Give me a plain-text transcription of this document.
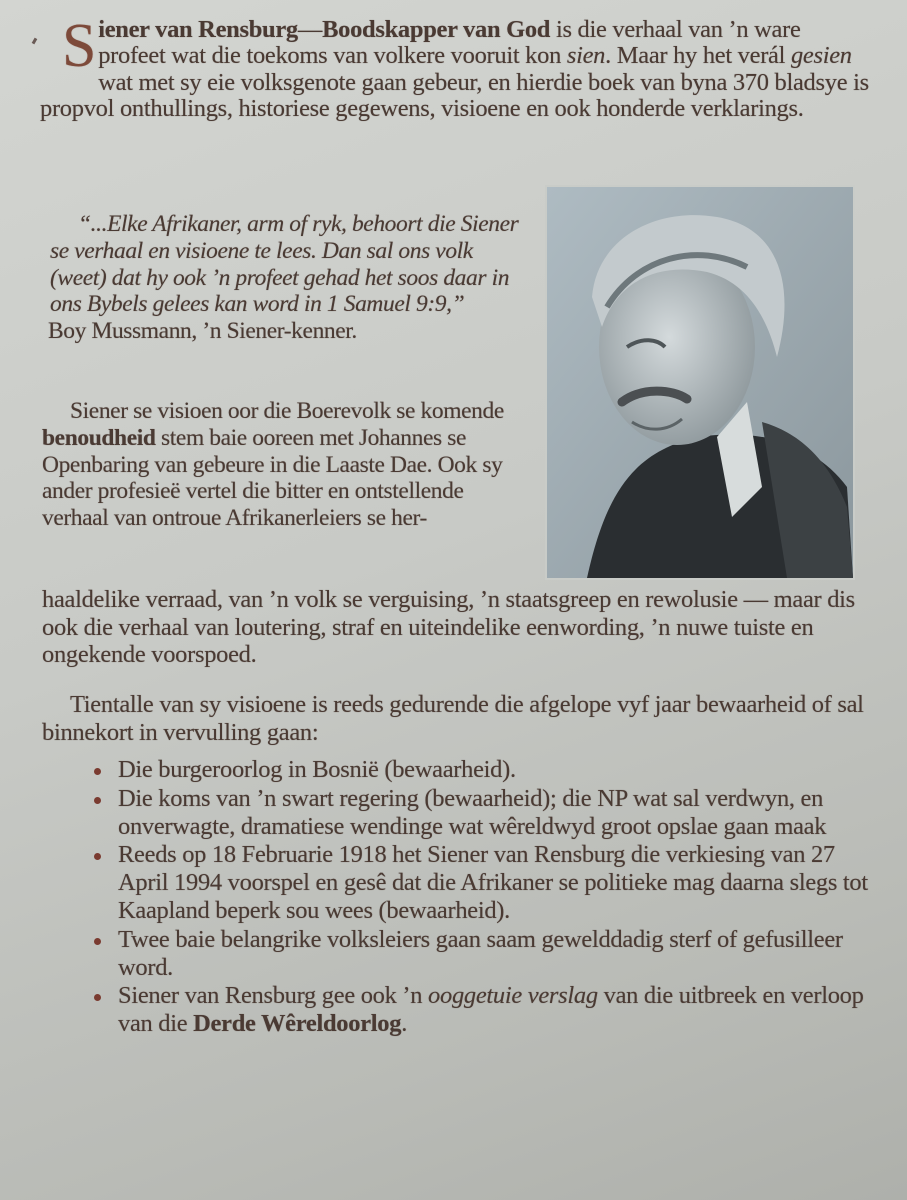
Siener van Rensburg—Boodskapper van God is die verhaal van ’n ware profeet wat die toekoms van volkere vooruit kon sien. Maar hy het verál gesien wat met sy eie volksgenote gaan gebeur, en hierdie boek van byna 370 bladsye is propvol onthullings, historiese gegewens, visioene en ook honderde verklarings.
“...Elke Afrikaner, arm of ryk, behoort die Siener se verhaal en visioene te lees. Dan sal ons volk (weet) dat hy ook ’n profeet gehad het soos daar in ons Bybels gelees kan word in 1 Samuel 9:9,”
Boy Mussmann, ’n Siener-kenner.
Siener se visioen oor die Boerevolk se komende benoudheid stem baie ooreen met Johannes se Openbaring van gebeure in die Laaste Dae. Ook sy ander profesieë vertel die bitter en ontstellende verhaal van ontroue Afrikanerleiers se her-
haaldelike verraad, van ’n volk se verguising, ’n staatsgreep en rewolusie — maar dis ook die verhaal van loutering, straf en uiteindelike eenwording, ’n nuwe tuiste en ongekende voorspoed.
Tientalle van sy visioene is reeds gedurende die afgelope vyf jaar bewaarheid of sal binnekort in vervulling gaan:
Die burgeroorlog in Bosnië (bewaarheid).
Die koms van ’n swart regering (bewaarheid); die NP wat sal verdwyn, en onverwagte, dramatiese wendinge wat wêreldwyd groot opslae gaan maak
Reeds op 18 Februarie 1918 het Siener van Rensburg die verkiesing van 27 April 1994 voorspel en gesê dat die Afrikaner se politieke mag daarna slegs tot Kaapland beperk sou wees (bewaarheid).
Twee baie belangrike volksleiers gaan saam gewelddadig sterf of gefusilleer word.
Siener van Rensburg gee ook ’n ooggetuie verslag van die uitbreek en verloop van die Derde Wêreldoorlog.
